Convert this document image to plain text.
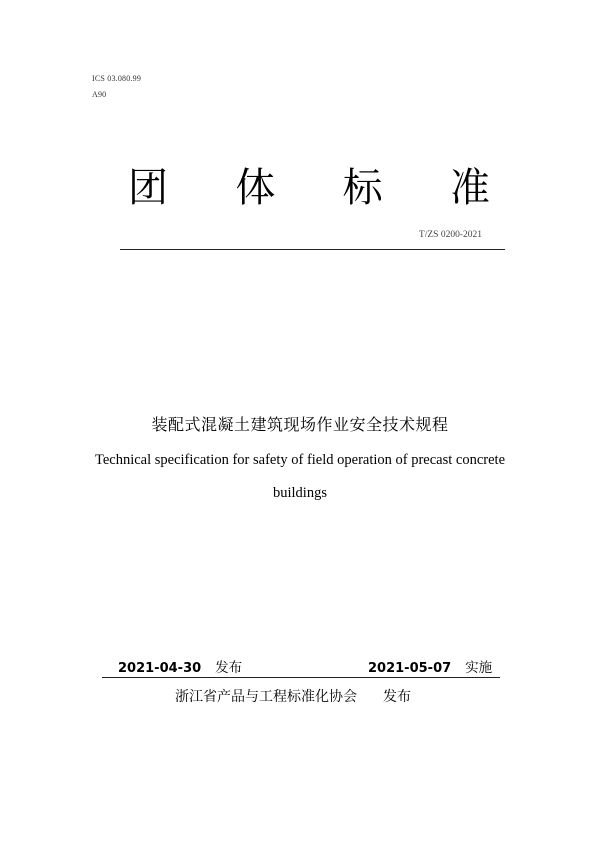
ICS 03.080.99
A90
团 体 标 准
T/ZS 0200-2021
装配式混凝土建筑现场作业安全技术规程
Technical specification for safety of field operation of precast concrete
buildings
2021-04-30 发布	2021-05-07 实施
浙江省产品与工程标准化协会 发布
